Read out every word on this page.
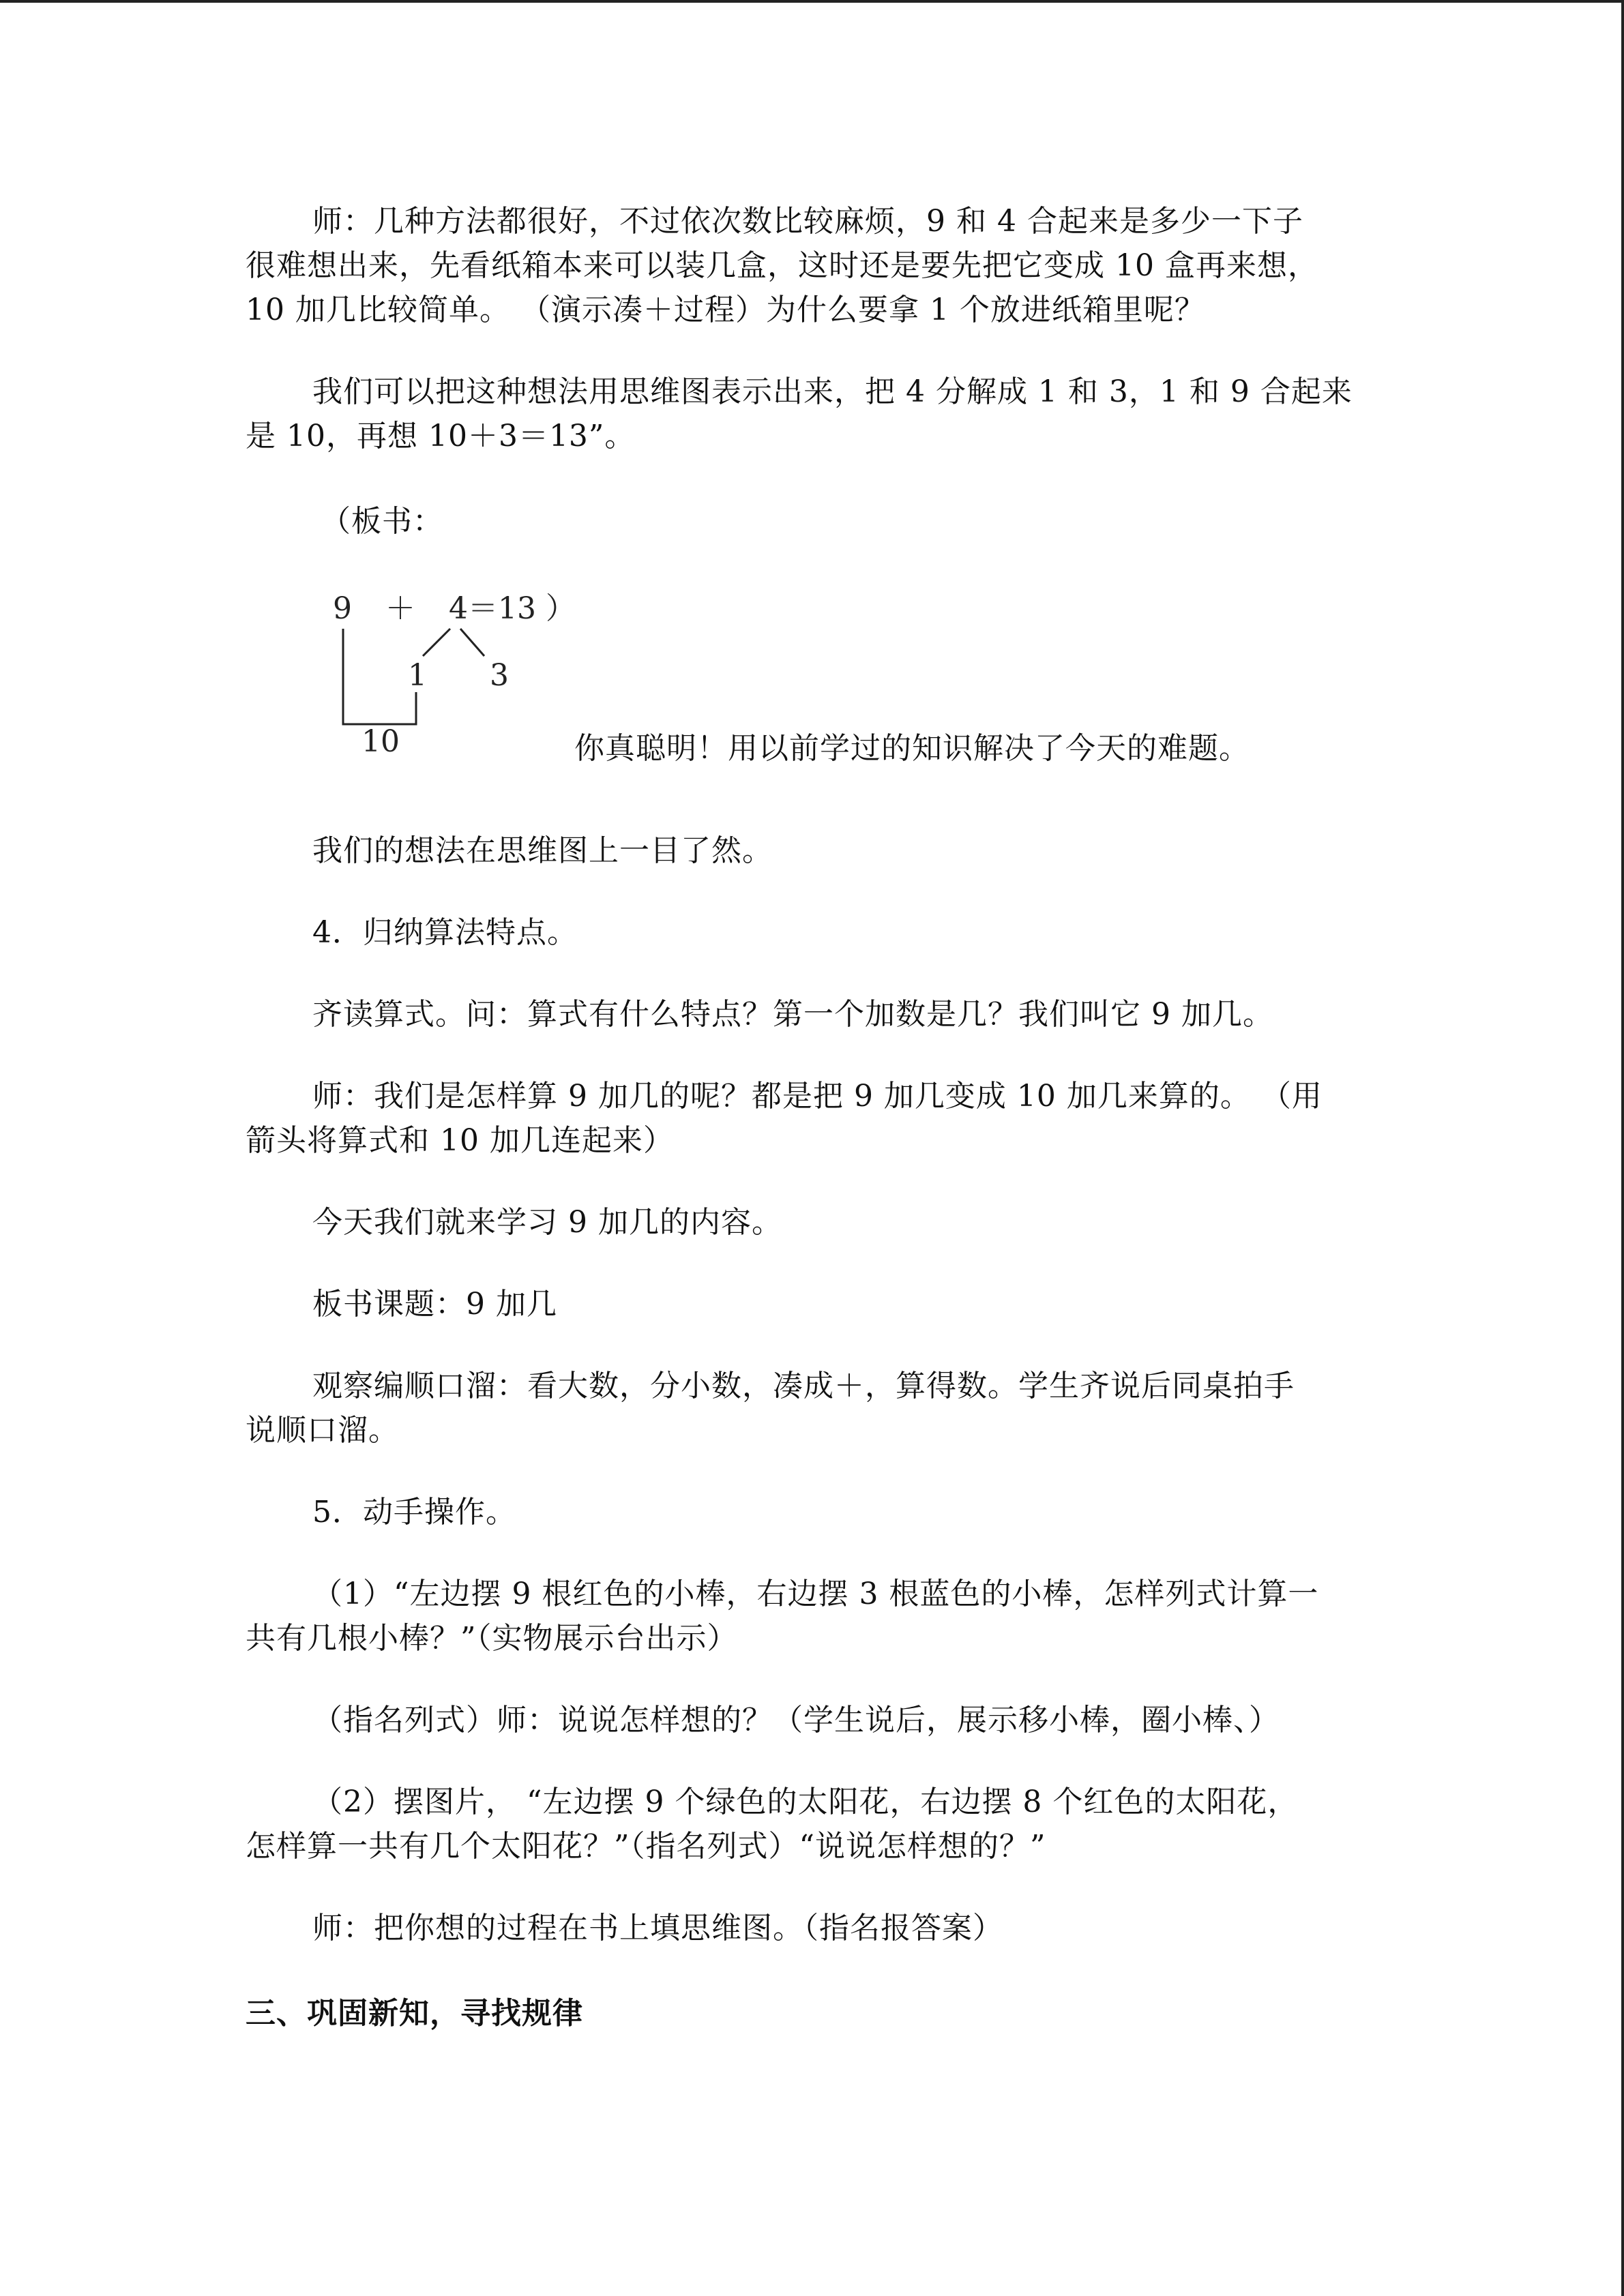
师：几种方法都很好，不过依次数比较麻烦，9 和 4 合起来是多少一下子
很难想出来，先看纸箱本来可以装几盒，这时还是要先把它变成 10 盒再来想，
10 加几比较简单。 （演示凑＋过程）为什么要拿 1 个放进纸箱里呢？
我们可以把这种想法用思维图表示出来，把 4 分解成 1 和 3，1 和 9 合起来
是 10，再想 10＋3＝13”。
（板书：
9 ＋ 4＝13 ）
1 3
10	你真聪明！用以前学过的知识解决了今天的难题。
我们的想法在思维图上一目了然。
4．归纳算法特点。
齐读算式。问：算式有什么特点？第一个加数是几？我们叫它 9 加几。
师：我们是怎样算 9 加几的呢？都是把 9 加几变成 10 加几来算的。 （用
箭头将算式和 10 加几连起来）
今天我们就来学习 9 加几的内容。
板书课题：9 加几
观察编顺口溜：看大数，分小数，凑成＋，算得数。学生齐说后同桌拍手
说顺口溜。
5．动手操作。
（1）“左边摆 9 根红色的小棒，右边摆 3 根蓝色的小棒，怎样列式计算一
共有几根小棒？”（实物展示台出示）
（指名列式）师：说说怎样想的？（学生说后，展示移小棒，圈小棒、）
（2）摆图片， “左边摆 9 个绿色的太阳花，右边摆 8 个红色的太阳花，
怎样算一共有几个太阳花？”（指名列式）“说说怎样想的？”
师：把你想的过程在书上填思维图。（指名报答案）
三、巩固新知，寻找规律
